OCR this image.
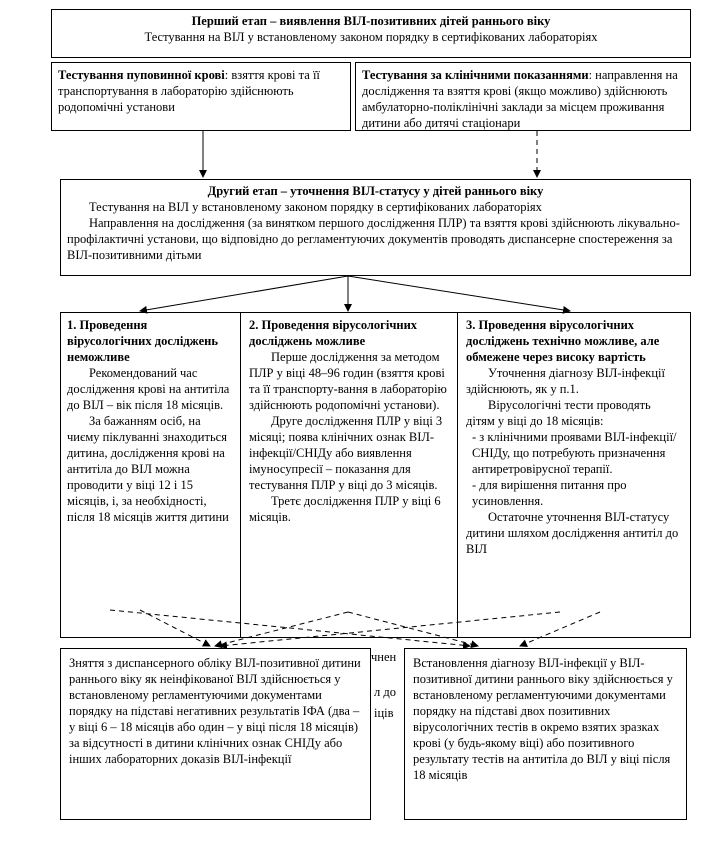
Перший етап – виявлення ВІЛ-позитивних дітей раннього віку
Тестування на ВІЛ у встановленому законом порядку в сертифікованих лабораторіях
Тестування пуповинної крові: взяття крові та її транспортування в лабораторію здійснюють родопомічні установи
Тестування за клінічними показаннями: направлення на дослідження та взяття крові (якщо можливо) здійснюють амбулаторно-поліклінічні заклади за місцем проживання дитини або дитячі стаціонари
Другий етап – уточнення ВІЛ-статусу у дітей раннього віку
Тестування на ВІЛ у встановленому законом порядку в сертифікованих лабораторіях
Направлення на дослідження (за винятком першого дослідження ПЛР) та взяття крові здійснюють лікувально-профілактичні установи, що відповідно до регламентуючих документів проводять диспансерне спостереження за ВІЛ-позитивними дітьми
1. Проведення вірусологічних досліджень неможливе
Рекомендований час дослідження крові на антитіла до ВІЛ – вік після 18 місяців.
За бажанням осіб, на чиєму піклуванні знаходиться дитина, дослідження крові на антитіла до ВІЛ можна проводити у віці 12 і 15 місяців, і, за необхідності, після 18 місяців життя дитини
2. Проведення вірусологічних досліджень можливе
Перше дослідження за методом ПЛР у віці 48–96 годин (взяття крові та її транспорту-вання в лабораторію здійснюють родопомічні установи).
Друге дослідження ПЛР у віці 3 місяці; поява клінічних ознак ВІЛ-інфекції/СНІДу або виявлення імуносупресії – показання для тестування ПЛР у віці до 3 місяців.
Третє дослідження ПЛР у віці 6 місяців.
3. Проведення вірусологічних досліджень технічно можливе, але обмежене через високу вартість
Уточнення діагнозу ВІЛ-інфекції здійснюють, як у п.1.
Вірусологічні тести проводять дітям у віці до 18 місяців:
- з клінічними проявами ВІЛ-інфекції/СНІДу, що потребують призначення антиретровірусної терапії.
- для вирішення питання про усиновлення.
Остаточне уточнення ВІЛ-статусу дитини шляхом дослідження антитіл до ВІЛ
чнен
л до
іців
Зняття з диспансерного обліку ВІЛ-позитивної дитини раннього віку як неінфікованої ВІЛ здійснюється у встановленому регламентуючими документами порядку на підставі негативних результатів ІФА (два – у віці 6 – 18 місяців або один – у віці після 18 місяців) за відсутності в дитини клінічних ознак СНІДу або інших лабораторних доказів ВІЛ-інфекції
Встановлення діагнозу ВІЛ-інфекції у ВІЛ-позитивної дитини раннього віку здійснюється у встановленому регламентуючими документами порядку на підставі двох позитивних вірусологічних тестів в окремо взятих зразках крові (у будь-якому віці) або позитивного результату тестів на антитіла до ВІЛ у віці після 18 місяців
